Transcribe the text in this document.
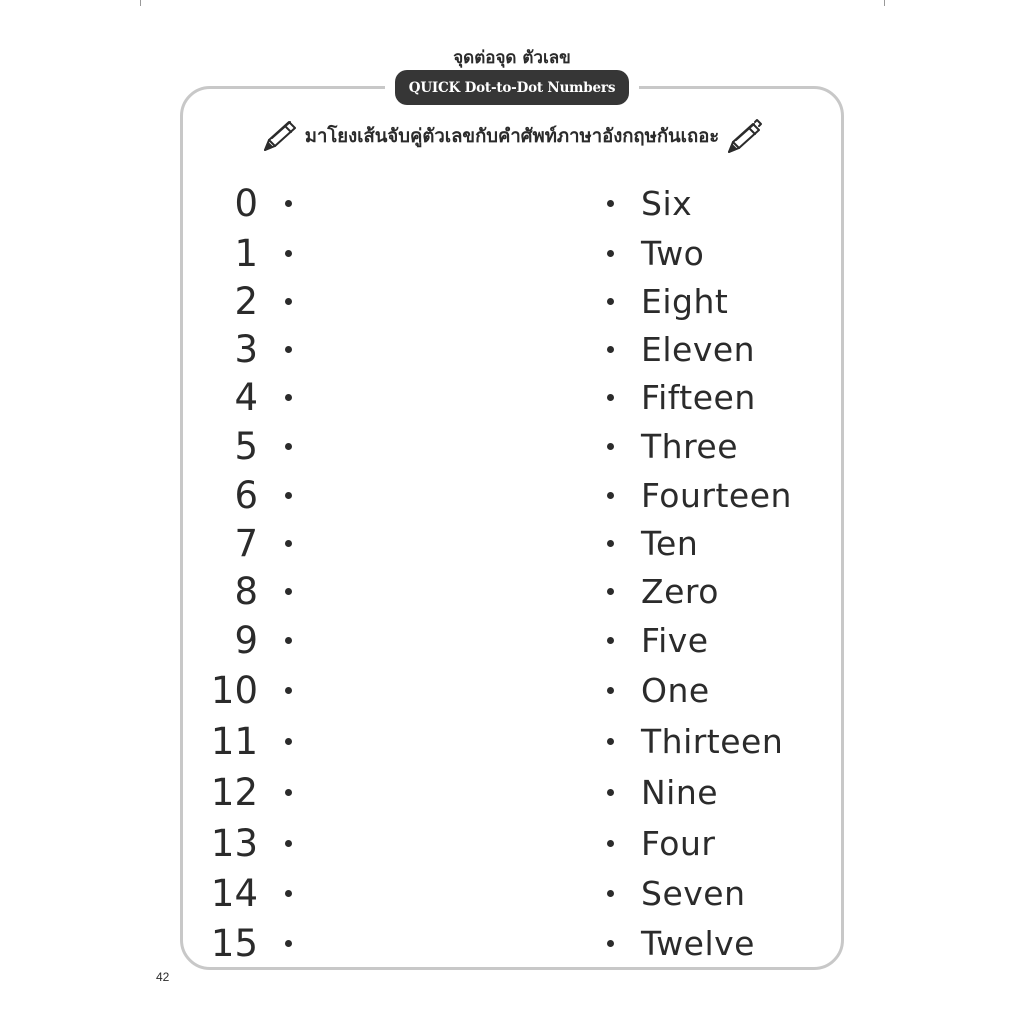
จุดต่อจุด ตัวเลข
QUICK Dot-to-Dot Numbers
มาโยงเส้นจับคู่ตัวเลขกับคำศัพท์ภาษาอังกฤษกันเถอะ
0	Six
1	Two
2	Eight
3	Eleven
4	Fifteen
5	Three
6	Fourteen
7	Ten
8	Zero
9	Five
10	One
11	Thirteen
12	Nine
13	Four
14	Seven
15	Twelve
42
